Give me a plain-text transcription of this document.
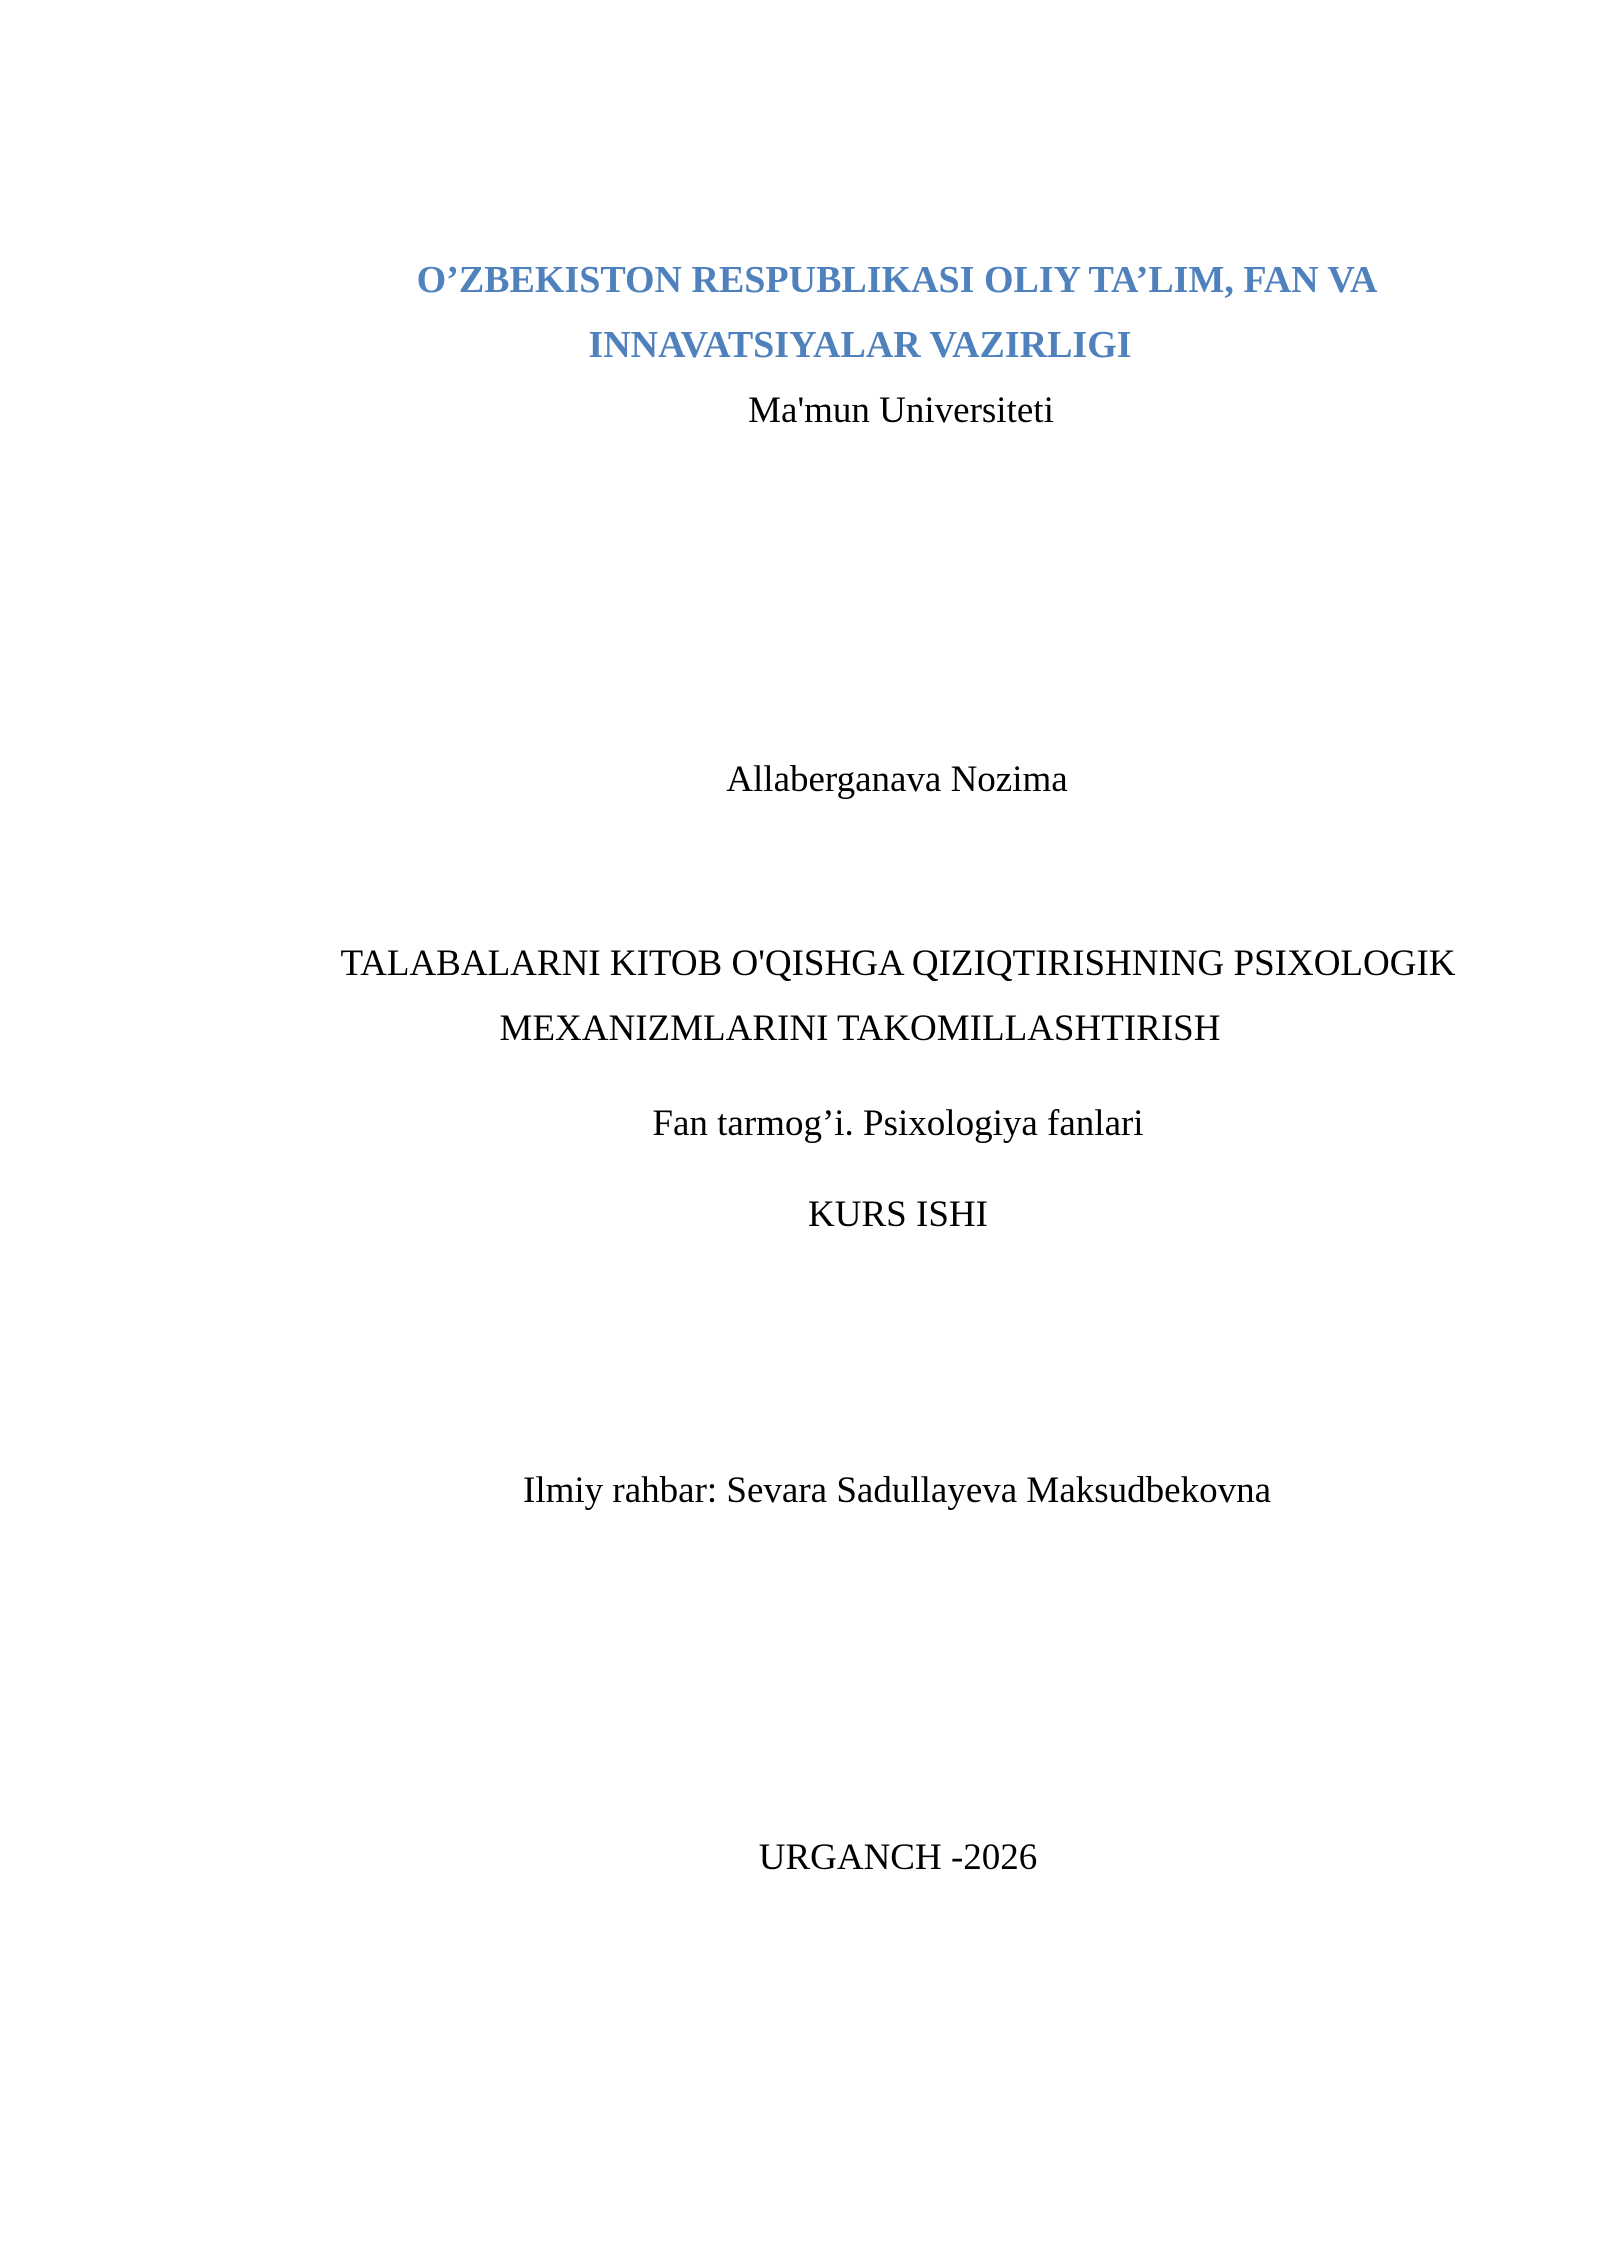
O’ZBEKISTON RESPUBLIKASI OLIY TA’LIM, FAN VA
INNAVATSIYALAR VAZIRLIGI
Ma'mun Universiteti
Allaberganava Nozima
TALABALARNI KITOB O'QISHGA QIZIQTIRISHNING PSIXOLOGIK
MEXANIZMLARINI TAKOMILLASHTIRISH
Fan tarmog’i. Psixologiya fanlari
KURS ISHI
Ilmiy rahbar: Sevara Sadullayeva Maksudbekovna
URGANCH -2026
